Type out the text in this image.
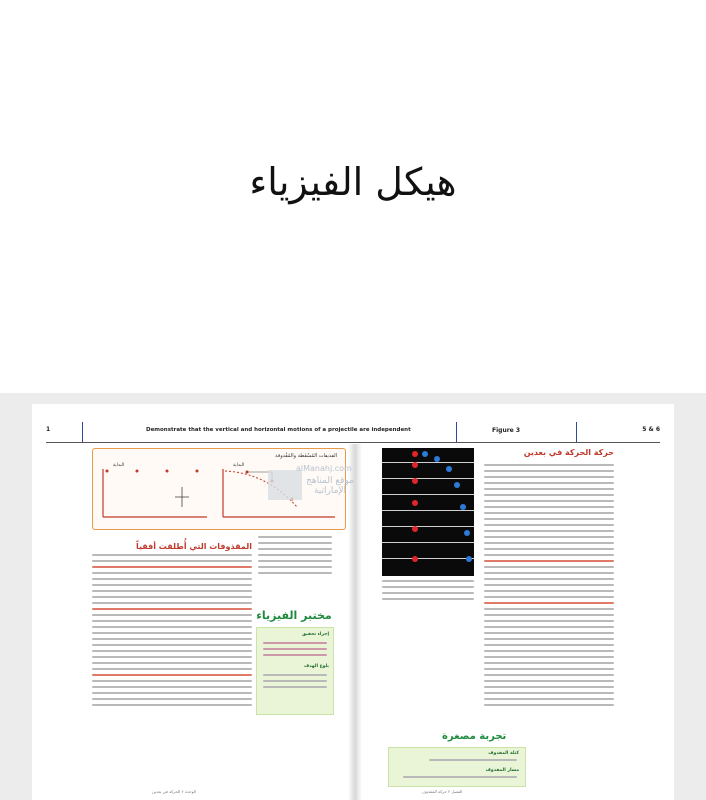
هيكل الفيزياء
1	Demonstrate that the vertical and horizontal motions of a projectile are independent	Figure 3	5 & 6
القذيفات المُسْقَطة والمُقْذوفة
البداية	البداية	alManahj.com
موقع المناهج الإماراتية
المقذوفات التي أُطلقت أفقياً
مختبر الفيزياء
إجراء تحقيق
بلوغ الهدف
الوحدة ٢ الحركة في بعدين
حركة الحركة في بعدين
تجربة مصغرة
كتلة المقذوف
مسار المقذوف
الفصل ٢ حركة المقذوف
